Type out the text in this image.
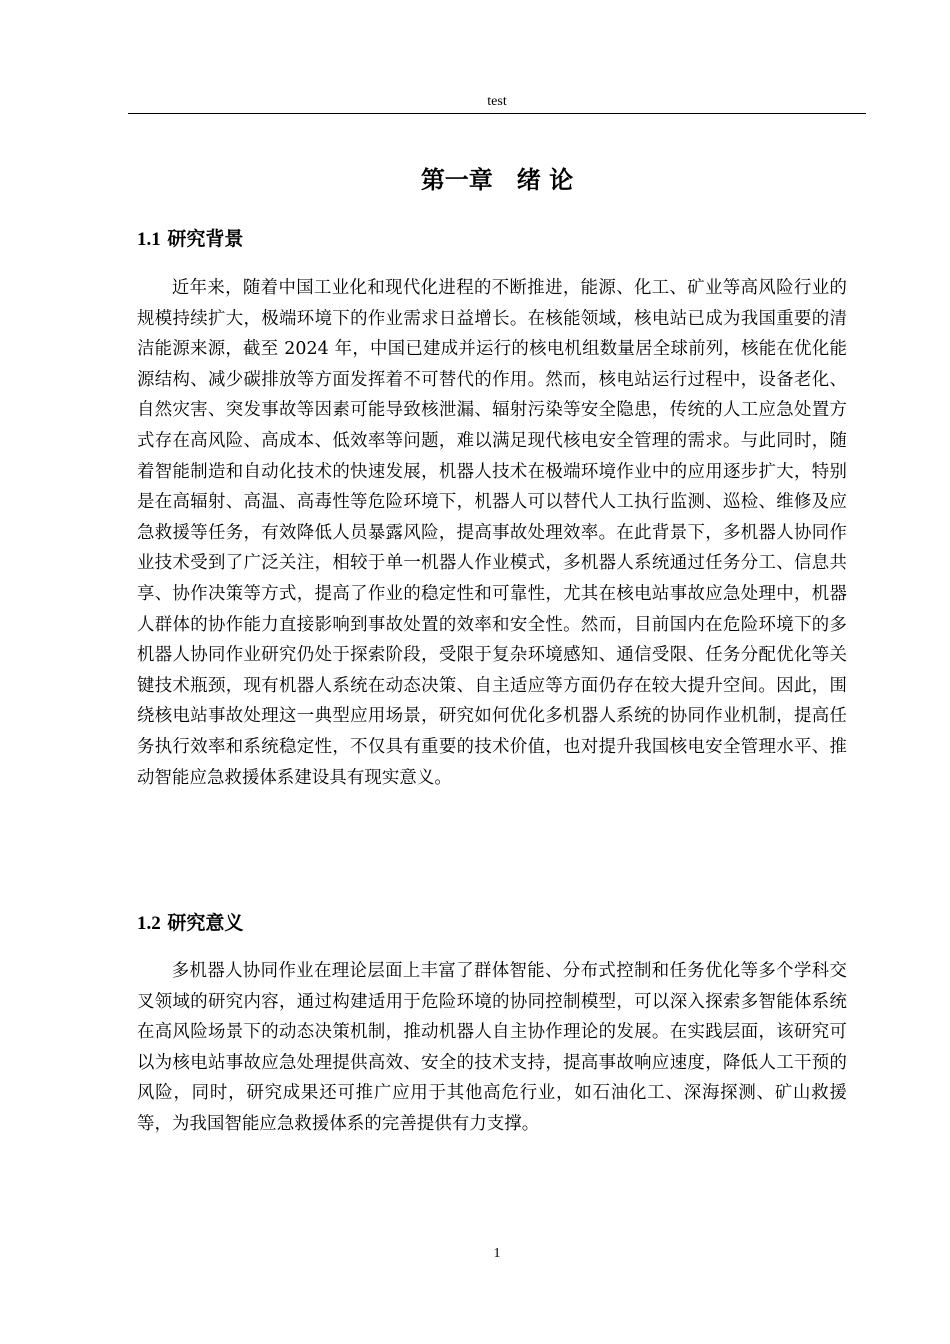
test
第一章　绪 论
1.1 研究背景

近年来，随着中国工业化和现代化进程的不断推进，能源、化工、矿业等高风险行业的规模持续扩大，极端环境下的作业需求日益增长。在核能领域，核电站已成为我国重要的清洁能源来源，截至 2024 年，中国已建成并运行的核电机组数量居全球前列，核能在优化能源结构、减少碳排放等方面发挥着不可替代的作用。然而，核电站运行过程中，设备老化、自然灾害、突发事故等因素可能导致核泄漏、辐射污染等安全隐患，传统的人工应急处置方式存在高风险、高成本、低效率等问题，难以满足现代核电安全管理的需求。与此同时，随着智能制造和自动化技术的快速发展，机器人技术在极端环境作业中的应用逐步扩大，特别是在高辐射、高温、高毒性等危险环境下，机器人可以替代人工执行监测、巡检、维修及应急救援等任务，有效降低人员暴露风险，提高事故处理效率。在此背景下，多机器人协同作业技术受到了广泛关注，相较于单一机器人作业模式，多机器人系统通过任务分工、信息共享、协作决策等方式，提高了作业的稳定性和可靠性，尤其在核电站事故应急处理中，机器人群体的协作能力直接影响到事故处置的效率和安全性。然而，目前国内在危险环境下的多机器人协同作业研究仍处于探索阶段，受限于复杂环境感知、通信受限、任务分配优化等关键技术瓶颈，现有机器人系统在动态决策、自主适应等方面仍存在较大提升空间。因此，围绕核电站事故处理这一典型应用场景，研究如何优化多机器人系统的协同作业机制，提高任务执行效率和系统稳定性，不仅具有重要的技术价值，也对提升我国核电安全管理水平、推动智能应急救援体系建设具有现实意义。

1.2 研究意义

多机器人协同作业在理论层面上丰富了群体智能、分布式控制和任务优化等多个学科交叉领域的研究内容，通过构建适用于危险环境的协同控制模型，可以深入探索多智能体系统在高风险场景下的动态决策机制，推动机器人自主协作理论的发展。在实践层面，该研究可以为核电站事故应急处理提供高效、安全的技术支持，提高事故响应速度，降低人工干预的风险，同时，研究成果还可推广应用于其他高危行业，如石油化工、深海探测、矿山救援等，为我国智能应急救援体系的完善提供有力支撑。

1
